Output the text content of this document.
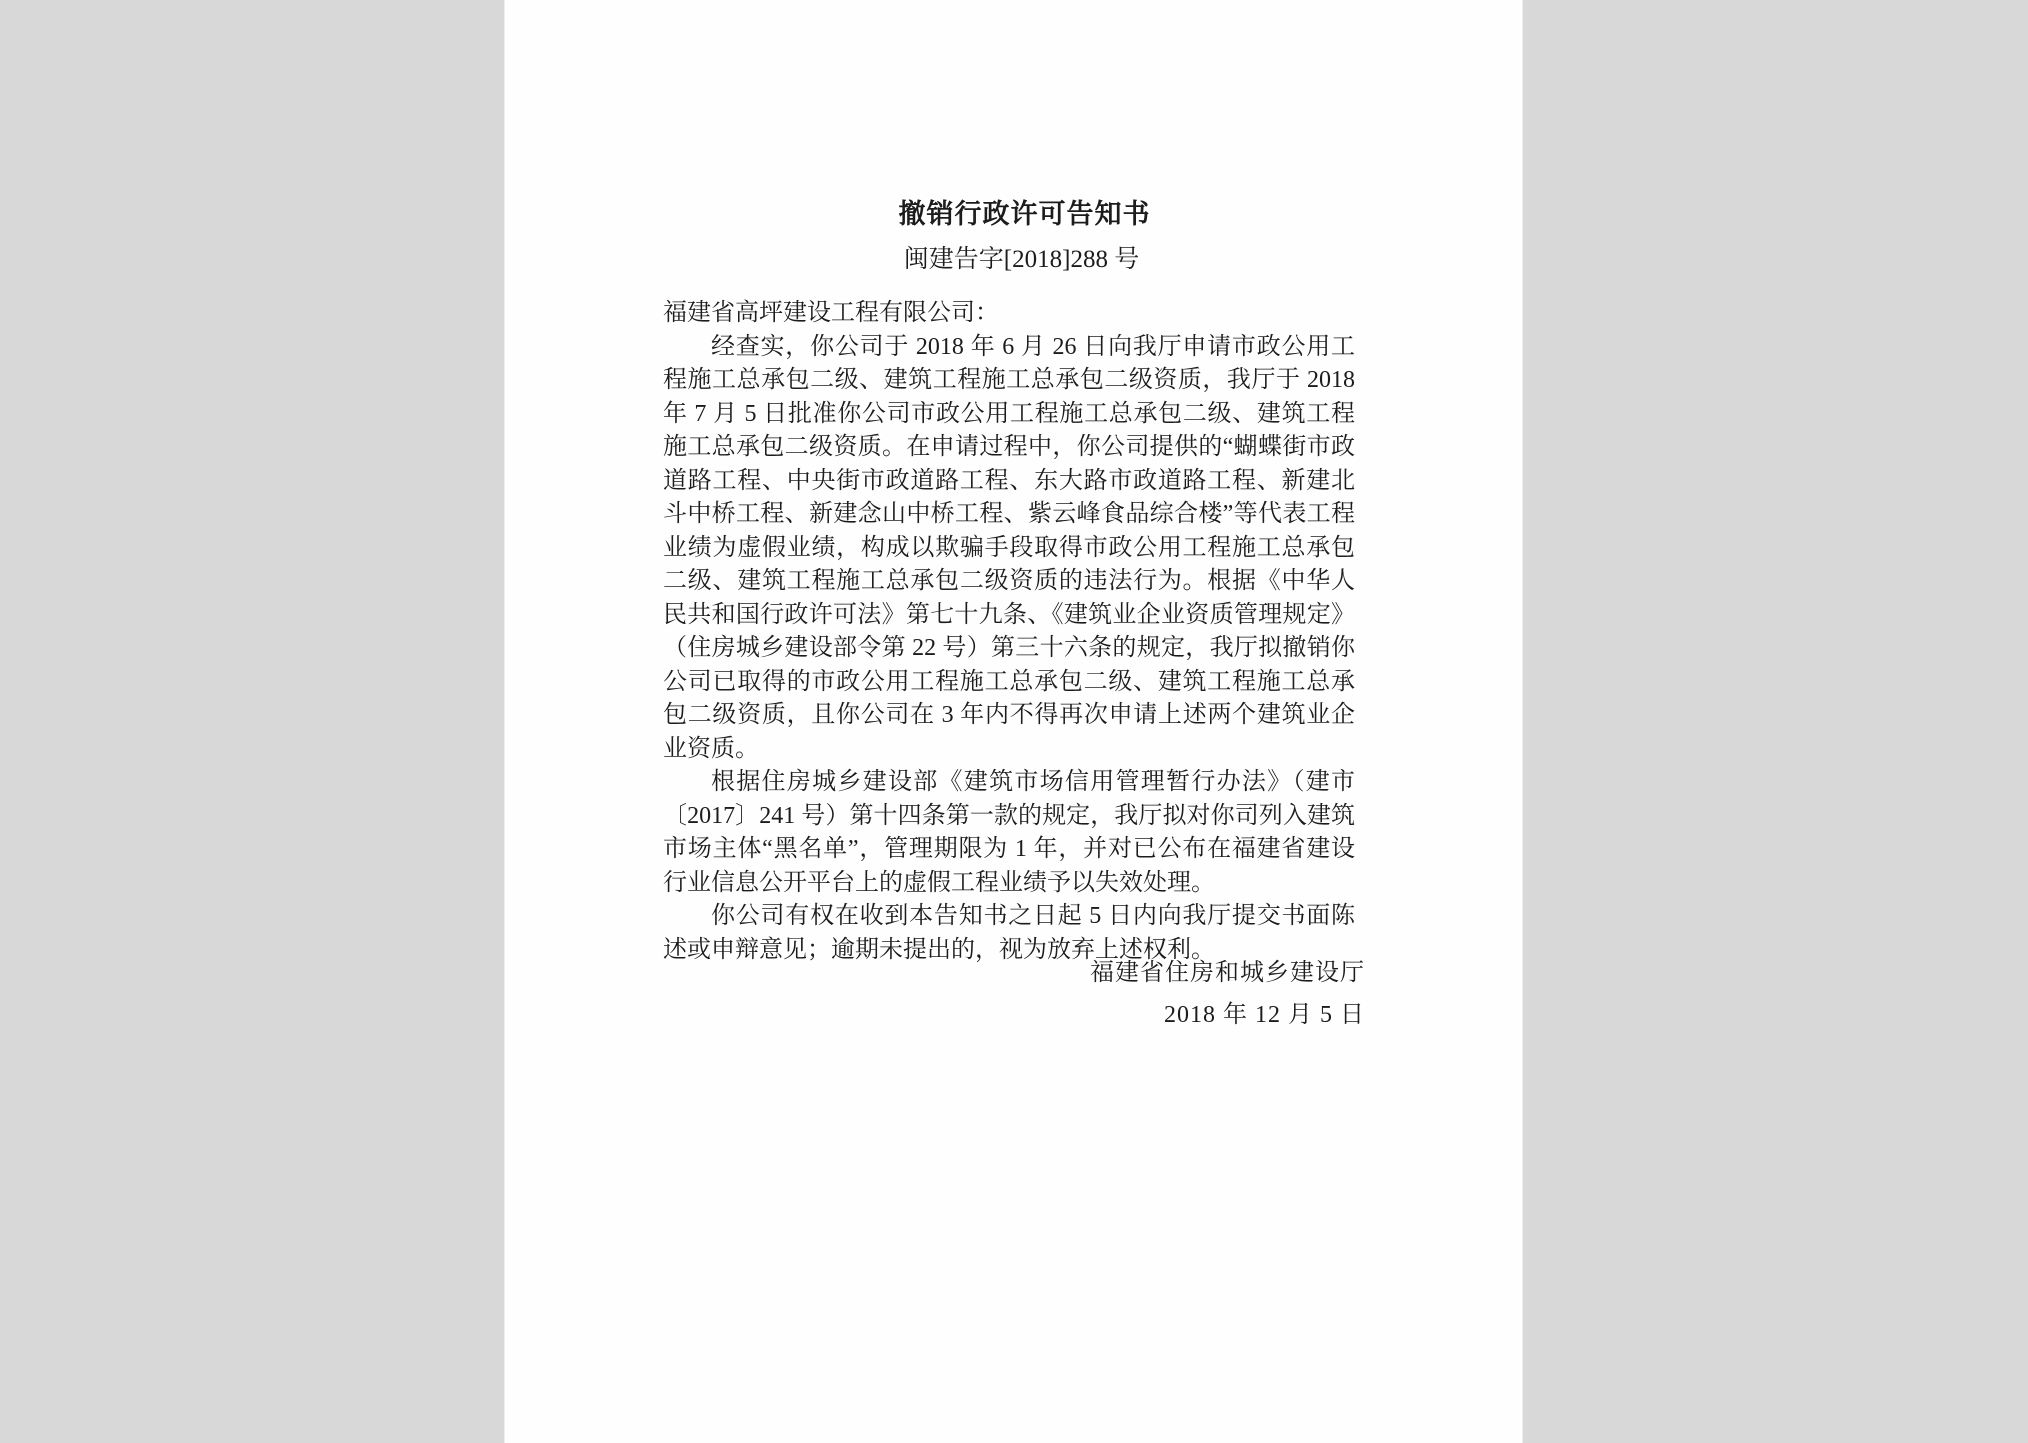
撤销行政许可告知书
闽建告字[2018]288 号
福建省高坪建设工程有限公司：

经查实，你公司于 2018 年 6 月 26 日向我厅申请市政公用工程施工总承包二级、建筑工程施工总承包二级资质，我厅于 2018 年 7 月 5 日批准你公司市政公用工程施工总承包二级、建筑工程施工总承包二级资质。在申请过程中，你公司提供的“蝴蝶街市政道路工程、中央街市政道路工程、东大路市政道路工程、新建北斗中桥工程、新建念山中桥工程、紫云峰食品综合楼”等代表工程业绩为虚假业绩，构成以欺骗手段取得市政公用工程施工总承包二级、建筑工程施工总承包二级资质的违法行为。根据《中华人民共和国行政许可法》第七十九条、《建筑业企业资质管理规定》（住房城乡建设部令第 22 号）第三十六条的规定，我厅拟撤销你公司已取得的市政公用工程施工总承包二级、建筑工程施工总承包二级资质，且你公司在 3 年内不得再次申请上述两个建筑业企业资质。

根据住房城乡建设部《建筑市场信用管理暂行办法》（建市〔2017〕241 号）第十四条第一款的规定，我厅拟对你司列入建筑市场主体“黑名单”，管理期限为 1 年，并对已公布在福建省建设行业信息公开平台上的虚假工程业绩予以失效处理。

你公司有权在收到本告知书之日起 5 日内向我厅提交书面陈述或申辩意见；逾期未提出的，视为放弃上述权利。

福建省住房和城乡建设厅
2018 年 12 月 5 日
